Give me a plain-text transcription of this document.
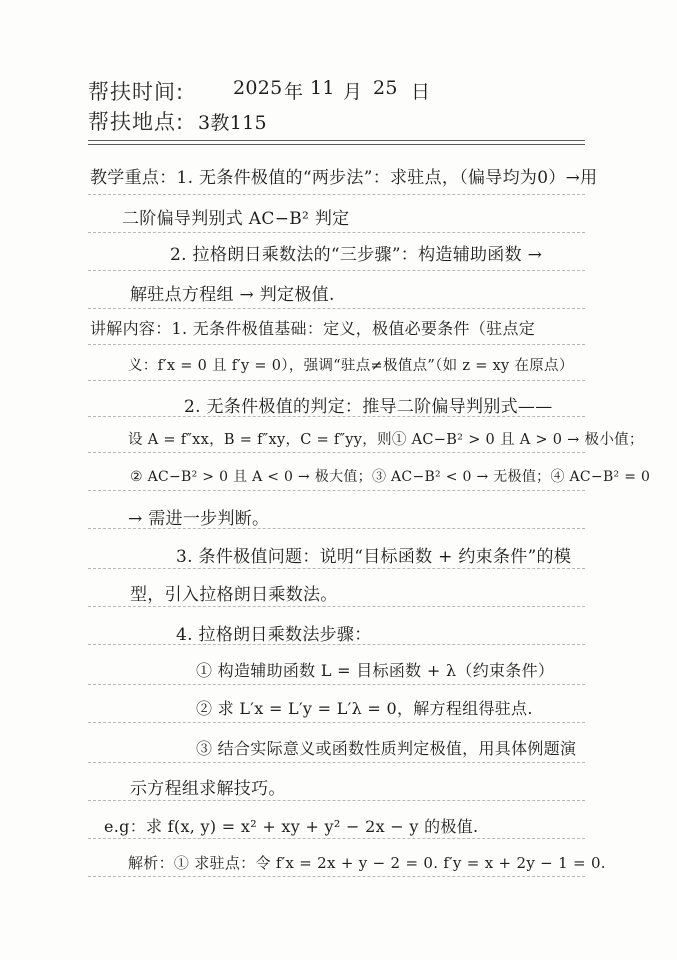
帮扶时间:	2025 年 11 月 25 日
帮扶地点: 3教115
教学重点：1. 无条件极值的“两步法”：求驻点，（偏导均为0）→用
二阶偏导判别式 AC−B² 判定
2. 拉格朗日乘数法的“三步骤”：构造辅助函数 →
解驻点方程组 → 判定极值.
讲解内容：1. 无条件极值基础：定义，极值必要条件（驻点定
义：f′x = 0 且 f′y = 0），强调“驻点≠极值点”（如 z = xy 在原点）
2. 无条件极值的判定：推导二阶偏导判别式——
设 A = f″xx，B = f″xy，C = f″yy，则① AC−B² > 0 且 A > 0 → 极小值；
② AC−B² > 0 且 A < 0 → 极大值；③ AC−B² < 0 → 无极值；④ AC−B² = 0
→ 需进一步判断。
3. 条件极值问题：说明“目标函数 + 约束条件”的模
型，引入拉格朗日乘数法。
4. 拉格朗日乘数法步骤：
① 构造辅助函数 L = 目标函数 + λ（约束条件）
② 求 L′x = L′y = L′λ = 0，解方程组得驻点.
③ 结合实际意义或函数性质判定极值，用具体例题演
示方程组求解技巧。
e.g：求 f(x, y) = x² + xy + y² − 2x − y 的极值.
解析：① 求驻点：令 f′x = 2x + y − 2 = 0. f′y = x + 2y − 1 = 0.
